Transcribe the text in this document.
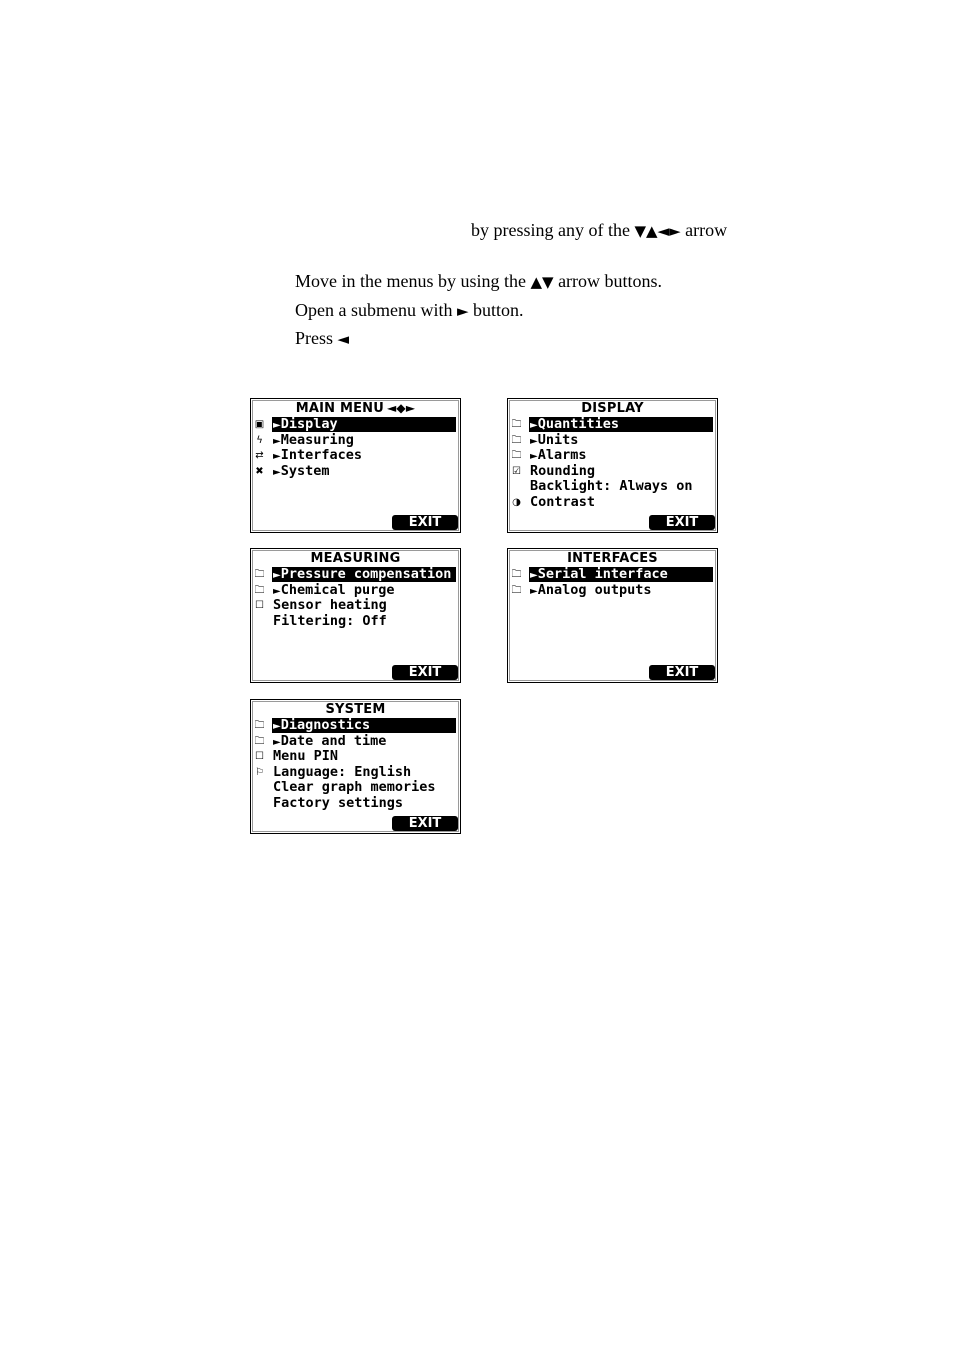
by pressing any of the ▼▲◄► arrow
Move in the menus by using the ▲▼ arrow buttons.
Open a submenu with ► button.
Press ◄
MAIN MENU ◄◆►
▣ ►Display
ϟ ►Measuring
⇄ ►Interfaces
✖ ►System
EXIT
DISPLAY
🗀 ►Quantities
🗀 ►Units
🗀 ►Alarms
☑ Rounding
Backlight: Always on
◑ Contrast
EXIT
MEASURING
🗀 ►Pressure compensation
🗀 ►Chemical purge
☐ Sensor heating
Filtering: Off
EXIT
INTERFACES
🗀 ►Serial interface
🗀 ►Analog outputs
EXIT
SYSTEM
🗀 ►Diagnostics
🗀 ►Date and time
☐ Menu PIN
⚐ Language: English
Clear graph memories
Factory settings
EXIT
